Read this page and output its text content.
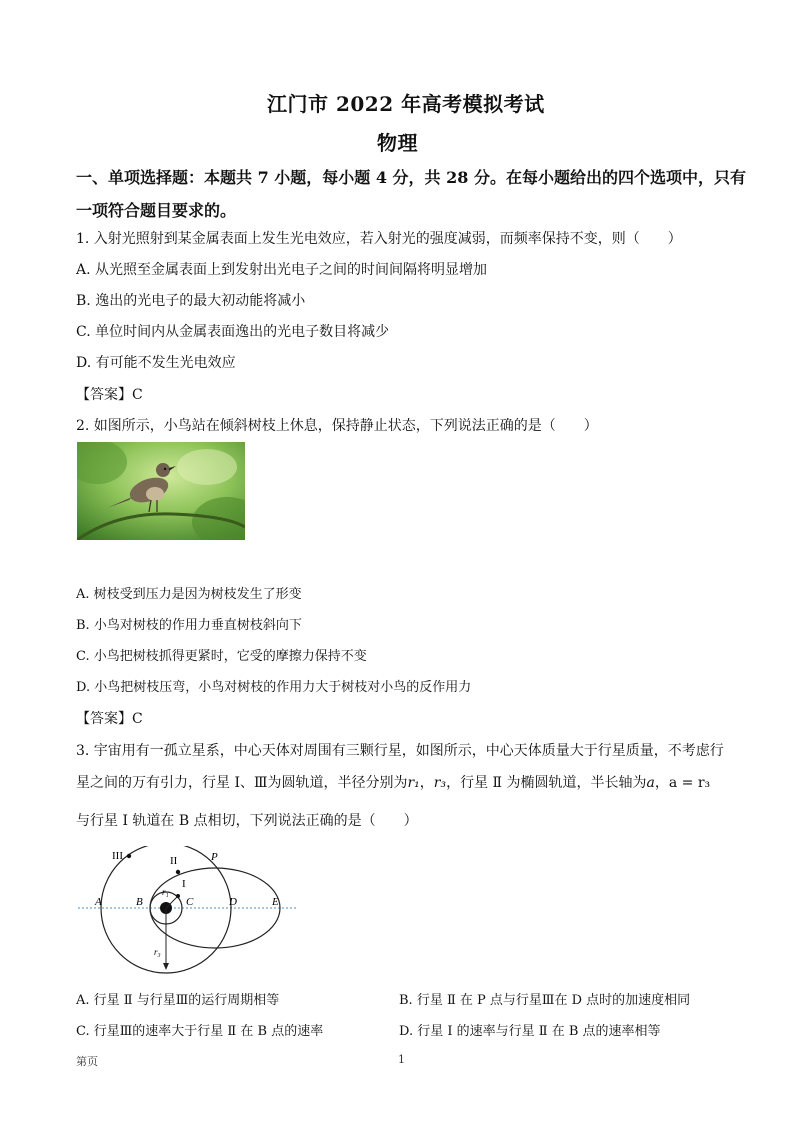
江门市 2022 年高考模拟考试
物理
一、单项选择题：本题共 7 小题，每小题 4 分，共 28 分。在每小题给出的四个选项中，只有
一项符合题目要求的。
1. 入射光照射到某金属表面上发生光电效应，若入射光的强度减弱，而频率保持不变，则（　　）
A. 从光照至金属表面上到发射出光电子之间的时间间隔将明显增加
B. 逸出的光电子的最大初动能将减小
C. 单位时间内从金属表面逸出的光电子数目将减少
D. 有可能不发生光电效应
【答案】C
2. 如图所示，小鸟站在倾斜树枝上休息，保持静止状态，下列说法正确的是（　　）
A. 树枝受到压力是因为树枝发生了形变
B. 小鸟对树枝的作用力垂直树枝斜向下
C. 小鸟把树枝抓得更紧时，它受的摩擦力保持不变
D. 小鸟把树枝压弯，小鸟对树枝的作用力大于树枝对小鸟的反作用力
【答案】C
3. 宇宙用有一孤立星系，中心天体对周围有三颗行星，如图所示，中心天体质量大于行星质量，不考虑行
星之间的万有引力，行星 Ⅰ、Ⅲ为圆轨道，半径分别为r₁，r₃，行星 Ⅱ 为椭圆轨道，半长轴为a，a = r₃
与行星 Ⅰ 轨道在 B 点相切，下列说法正确的是（　　）
III	II	P
I
A	B	C	D	E
r₁
r₃
A. 行星 Ⅱ 与行星Ⅲ的运行周期相等	B. 行星 Ⅱ 在 P 点与行星Ⅲ在 D 点时的加速度相同
C. 行星Ⅲ的速率大于行星 Ⅱ 在 B 点的速率	D. 行星 Ⅰ 的速率与行星 Ⅱ 在 B 点的速率相等
第页	1
